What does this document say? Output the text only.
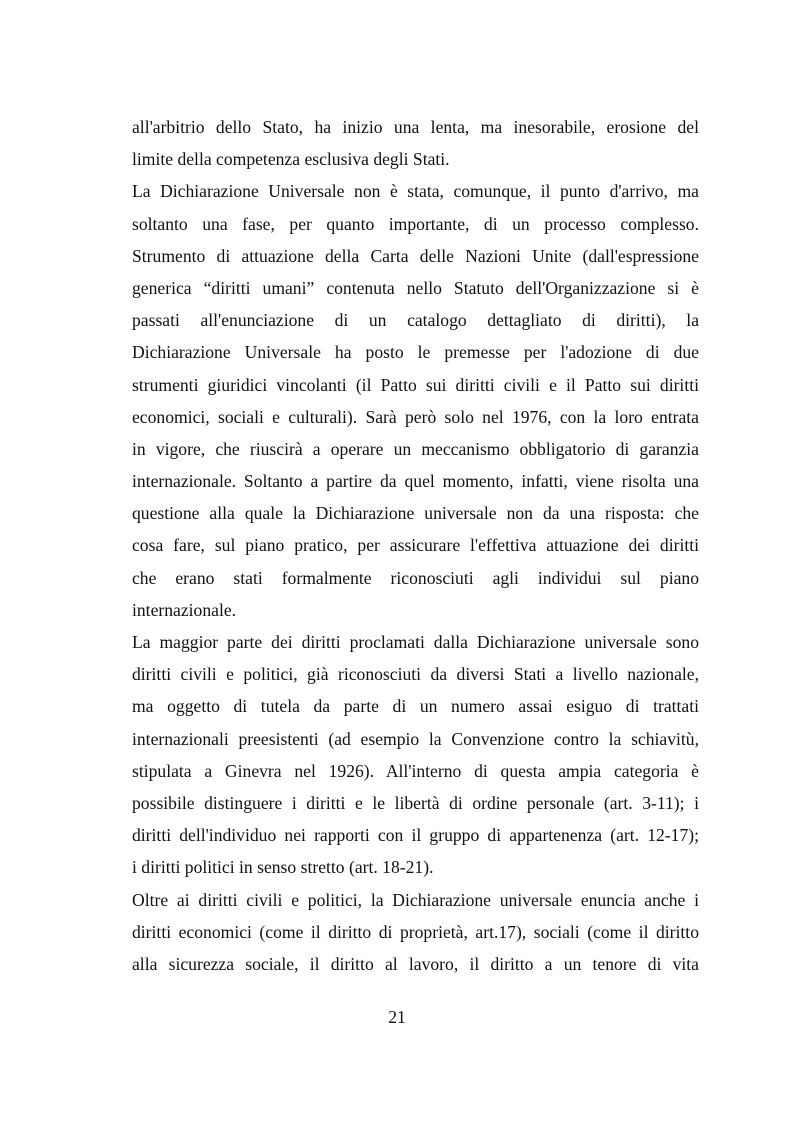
all'arbitrio dello Stato, ha inizio una lenta, ma inesorabile, erosione del
limite della competenza esclusiva degli Stati.
La Dichiarazione Universale non è stata, comunque, il punto d'arrivo, ma
soltanto una fase, per quanto importante, di un processo complesso.
Strumento di attuazione della Carta delle Nazioni Unite (dall'espressione
generica “diritti umani” contenuta nello Statuto dell'Organizzazione si è
passati all'enunciazione di un catalogo dettagliato di diritti), la
Dichiarazione Universale ha posto le premesse per l'adozione di due
strumenti giuridici vincolanti (il Patto sui diritti civili e il Patto sui diritti
economici, sociali e culturali). Sarà però solo nel 1976, con la loro entrata
in vigore, che riuscirà a operare un meccanismo obbligatorio di garanzia
internazionale. Soltanto a partire da quel momento, infatti, viene risolta una
questione alla quale la Dichiarazione universale non da una risposta: che
cosa fare, sul piano pratico, per assicurare l'effettiva attuazione dei diritti
che erano stati formalmente riconosciuti agli individui sul piano
internazionale.
La maggior parte dei diritti proclamati dalla Dichiarazione universale sono
diritti civili e politici, già riconosciuti da diversi Stati a livello nazionale,
ma oggetto di tutela da parte di un numero assai esiguo di trattati
internazionali preesistenti (ad esempio la Convenzione contro la schiavitù,
stipulata a Ginevra nel 1926). All'interno di questa ampia categoria è
possibile distinguere i diritti e le libertà di ordine personale (art. 3-11); i
diritti dell'individuo nei rapporti con il gruppo di appartenenza (art. 12-17);
i diritti politici in senso stretto (art. 18-21).
Oltre ai diritti civili e politici, la Dichiarazione universale enuncia anche i
diritti economici (come il diritto di proprietà, art.17), sociali (come il diritto
alla sicurezza sociale, il diritto al lavoro, il diritto a un tenore di vita
21
